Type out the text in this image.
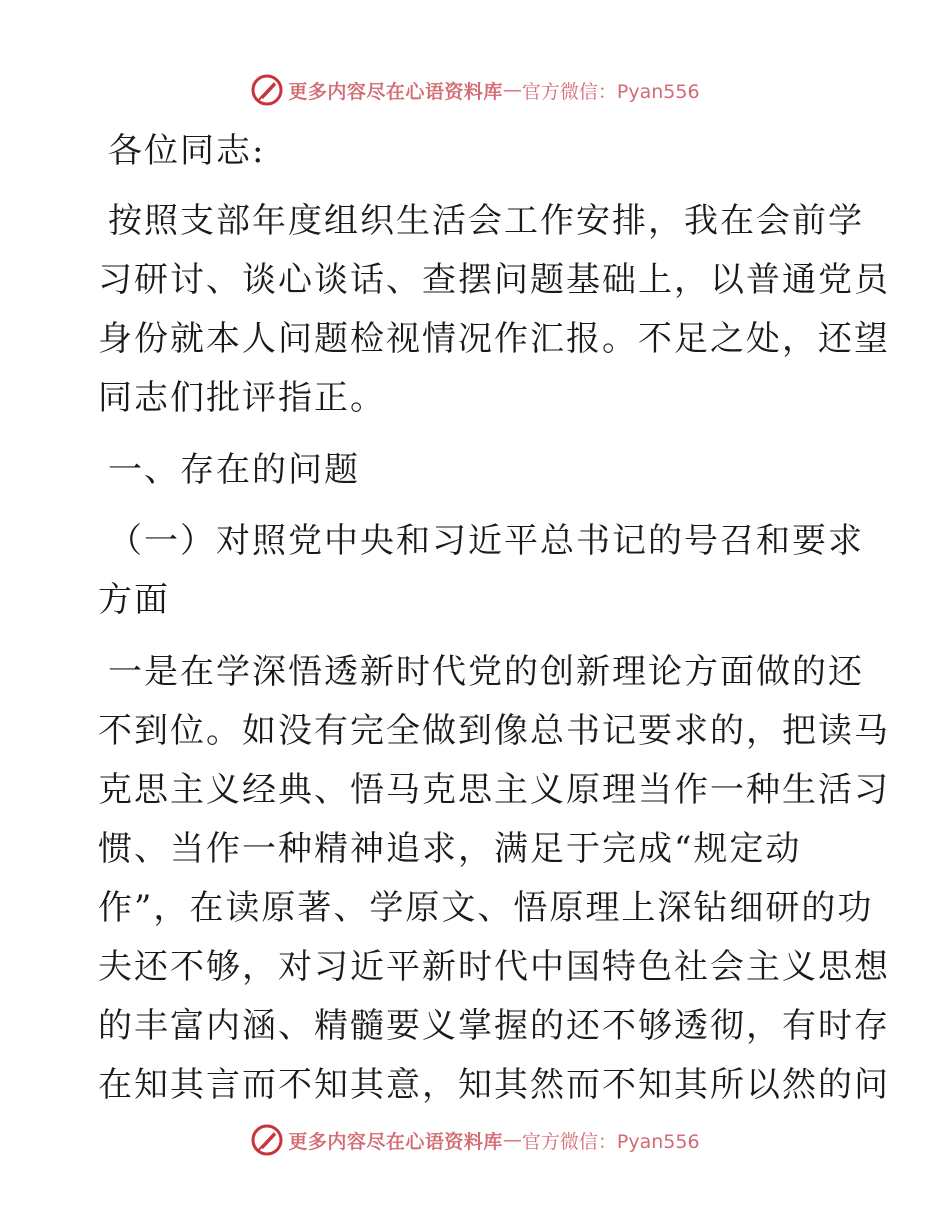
更多内容尽在心语资料库 — 官方微信：Pyan556

各位同志:

按照支部年度组织生活会工作安排，我在会前学
习研讨、谈心谈话、查摆问题基础上，以普通党员
身份就本人问题检视情况作汇报。不足之处，还望
同志们批评指正。

一、存在的问题

（一）对照党中央和习近平总书记的号召和要求
方面

一是在学深悟透新时代党的创新理论方面做的还
不到位。如没有完全做到像总书记要求的，把读马
克思主义经典、悟马克思主义原理当作一种生活习
惯、当作一种精神追求，满足于完成“规定动
作”，在读原著、学原文、悟原理上深钻细研的功
夫还不够，对习近平新时代中国特色社会主义思想
的丰富内涵、精髓要义掌握的还不够透彻，有时存
在知其言而不知其意，知其然而不知其所以然的问

更多内容尽在心语资料库 — 官方微信：Pyan556
